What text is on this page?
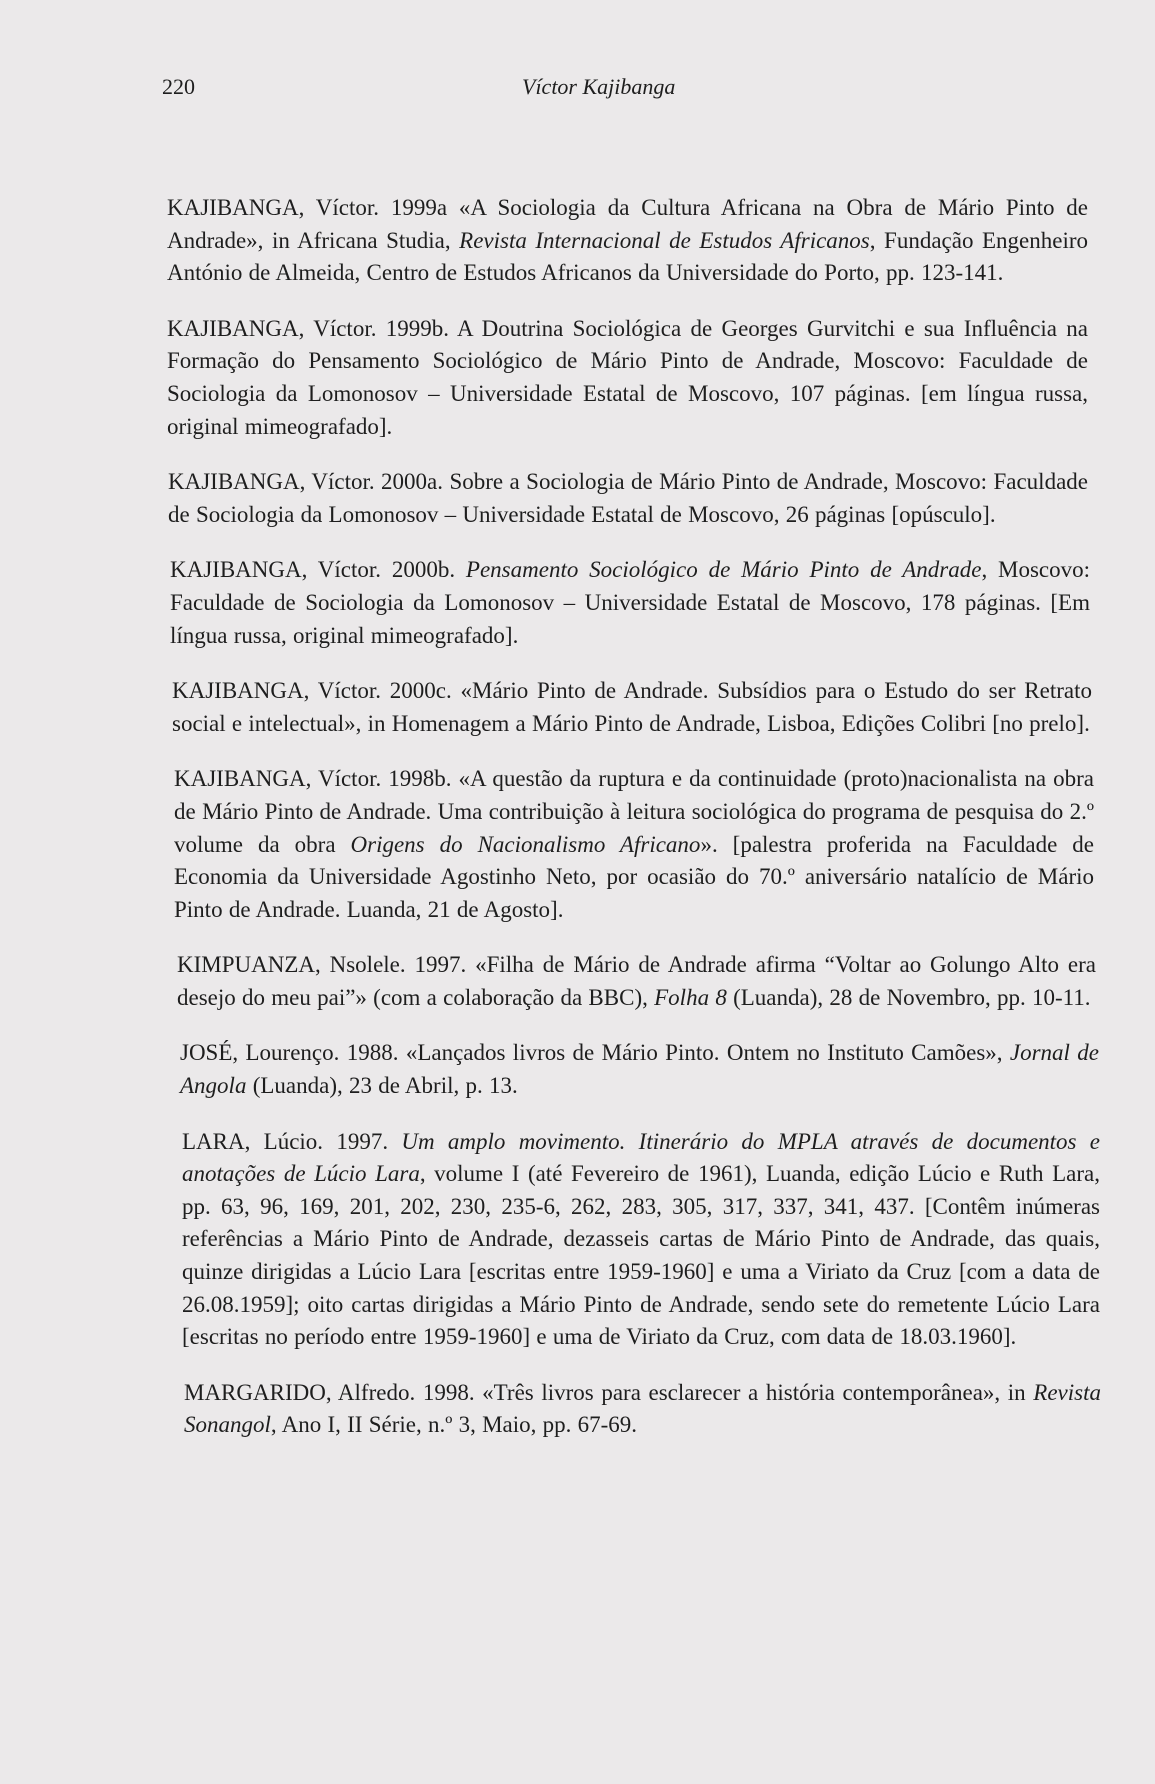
220	Víctor Kajibanga

KAJIBANGA, Víctor. 1999a «A Sociologia da Cultura Africana na Obra de Mário Pinto de Andrade», in Africana Studia, Revista Internacional de Estudos Africanos, Fundação Engenheiro António de Almeida, Centro de Estudos Africanos da Universidade do Porto, pp. 123-141.

KAJIBANGA, Víctor. 1999b. A Doutrina Sociológica de Georges Gurvitchi e sua Influência na Formação do Pensamento Sociológico de Mário Pinto de Andrade, Moscovo: Faculdade de Sociologia da Lomonosov – Universidade Estatal de Moscovo, 107 páginas. [em língua russa, original mimeografado].

KAJIBANGA, Víctor. 2000a. Sobre a Sociologia de Mário Pinto de Andrade, Moscovo: Faculdade de Sociologia da Lomonosov – Universidade Estatal de Moscovo, 26 páginas [opúsculo].

KAJIBANGA, Víctor. 2000b. Pensamento Sociológico de Mário Pinto de Andrade, Moscovo: Faculdade de Sociologia da Lomonosov – Universidade Estatal de Moscovo, 178 páginas. [Em língua russa, original mimeografado].

KAJIBANGA, Víctor. 2000c. «Mário Pinto de Andrade. Subsídios para o Estudo do ser Retrato social e intelectual», in Homenagem a Mário Pinto de Andrade, Lisboa, Edições Colibri [no prelo].

KAJIBANGA, Víctor. 1998b. «A questão da ruptura e da continuidade (proto)nacionalista na obra de Mário Pinto de Andrade. Uma contribuição à leitura sociológica do programa de pesquisa do 2.º volume da obra Origens do Nacionalismo Africano». [palestra proferida na Faculdade de Economia da Universidade Agostinho Neto, por ocasião do 70.º aniversário natalício de Mário Pinto de Andrade. Luanda, 21 de Agosto].

KIMPUANZA, Nsolele. 1997. «Filha de Mário de Andrade afirma “Voltar ao Golungo Alto era desejo do meu pai”» (com a colaboração da BBC), Folha 8 (Luanda), 28 de Novembro, pp. 10-11.

JOSÉ, Lourenço. 1988. «Lançados livros de Mário Pinto. Ontem no Instituto Camões», Jornal de Angola (Luanda), 23 de Abril, p. 13.

LARA, Lúcio. 1997. Um amplo movimento. Itinerário do MPLA através de documentos e anotações de Lúcio Lara, volume I (até Fevereiro de 1961), Luanda, edição Lúcio e Ruth Lara, pp. 63, 96, 169, 201, 202, 230, 235-6, 262, 283, 305, 317, 337, 341, 437. [Contêm inúmeras referências a Mário Pinto de Andrade, dezasseis cartas de Mário Pinto de Andrade, das quais, quinze dirigidas a Lúcio Lara [escritas entre 1959-1960] e uma a Viriato da Cruz [com a data de 26.08.1959]; oito cartas dirigidas a Mário Pinto de Andrade, sendo sete do remetente Lúcio Lara [escritas no período entre 1959-1960] e uma de Viriato da Cruz, com data de 18.03.1960].

MARGARIDO, Alfredo. 1998. «Três livros para esclarecer a história contemporânea», in Revista Sonangol, Ano I, II Série, n.º 3, Maio, pp. 67-69.
